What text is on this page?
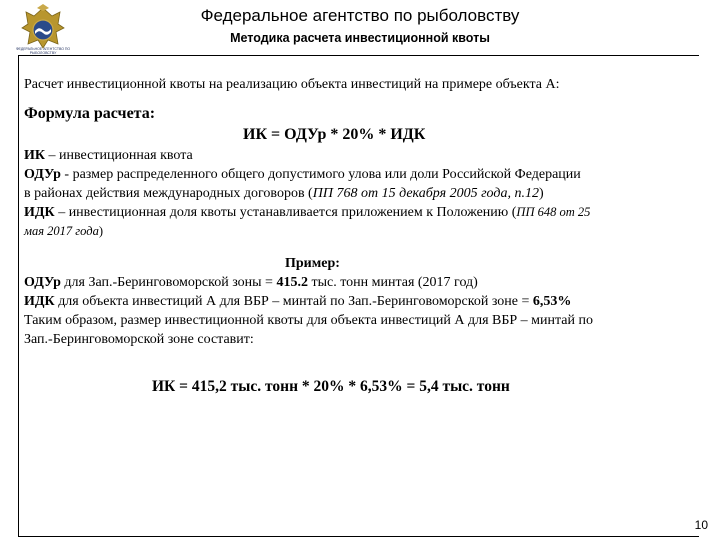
ФЕДЕРАЛЬНОЕ АГЕНТСТВО ПО РЫБОЛОВСТВУ
Федеральное агентство по рыболовству
Методика расчета инвестиционной квоты
Расчет инвестиционной квоты на реализацию объекта инвестиций на примере объекта А:
Формула расчета:
ИК = ОДУр * 20% * ИДК
ИК – инвестиционная квота
ОДУр - размер распределенного общего допустимого улова или доли Российской Федерации
в районах действия международных договоров (ПП 768 от 15 декабря 2005 года, п.12)
ИДК – инвестиционная доля квоты устанавливается приложением к Положению (ПП 648 от 25
мая 2017 года)
Пример:
ОДУр для Зап.-Беринговоморской зоны = 415.2 тыс. тонн минтая (2017 год)
ИДК для объекта инвестиций А для ВБР – минтай по Зап.-Беринговоморской зоне = 6,53%
Таким образом, размер инвестиционной квоты для объекта инвестиций А для ВБР – минтай по
Зап.-Беринговоморской зоне составит:
ИК = 415,2 тыс. тонн * 20% * 6,53% = 5,4 тыс. тонн
10
